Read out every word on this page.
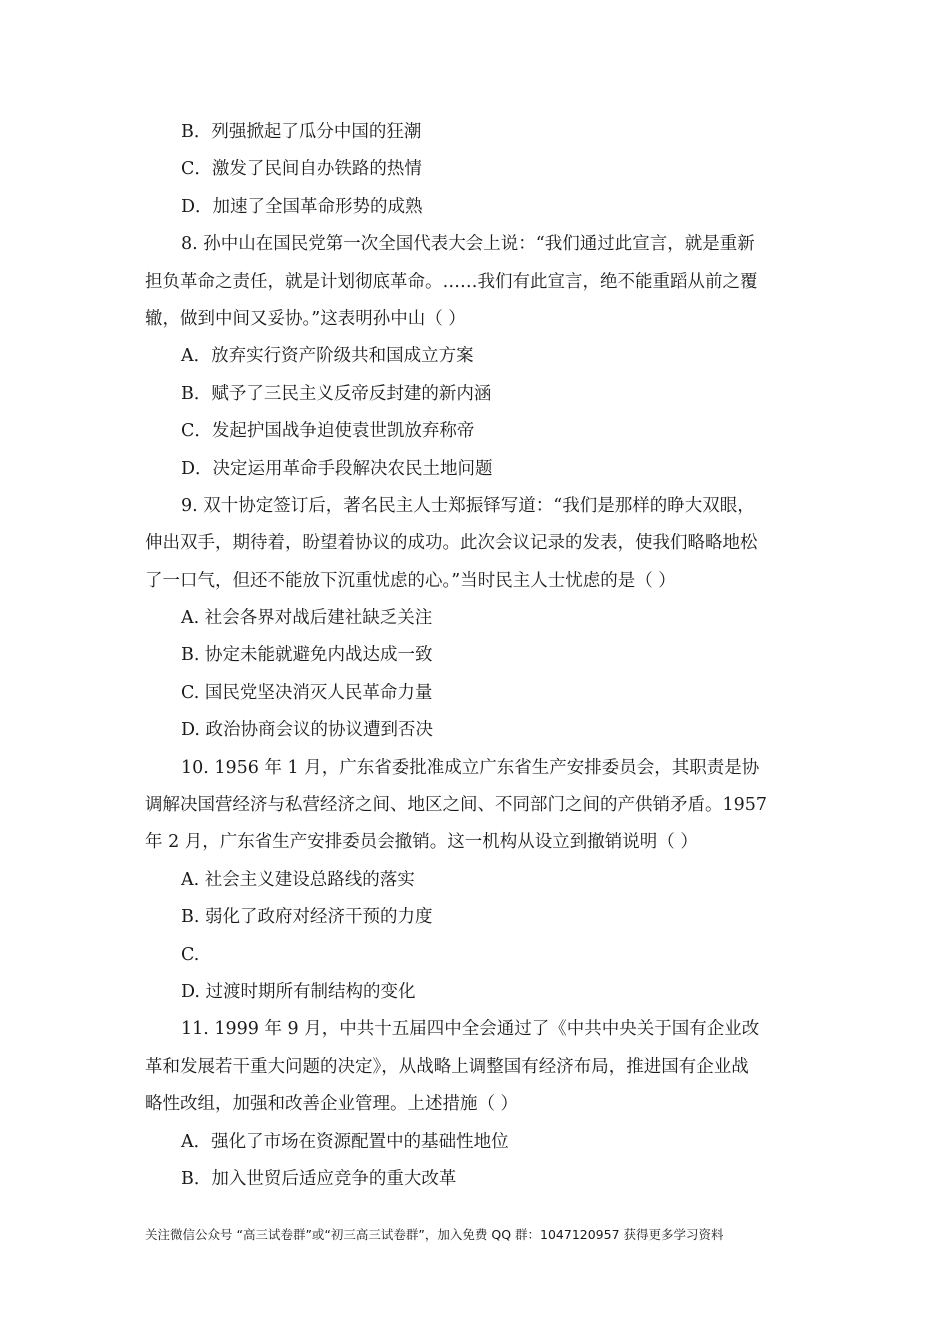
B．列强掀起了瓜分中国的狂潮
C．激发了民间自办铁路的热情
D．加速了全国革命形势的成熟
8. 孙中山在国民党第一次全国代表大会上说：“我们通过此宣言，就是重新
担负革命之责任，就是计划彻底革命。……我们有此宣言，绝不能重蹈从前之覆
辙，做到中间又妥协。”这表明孙中山（ ）
A．放弃实行资产阶级共和国成立方案
B．赋予了三民主义反帝反封建的新内涵
C．发起护国战争迫使袁世凯放弃称帝
D．决定运用革命手段解决农民土地问题
9. 双十协定签订后，著名民主人士郑振铎写道：“我们是那样的睁大双眼，
伸出双手，期待着，盼望着协议的成功。此次会议记录的发表，使我们略略地松
了一口气，但还不能放下沉重忧虑的心。”当时民主人士忧虑的是（ ）
A. 社会各界对战后建社缺乏关注
B. 协定未能就避免内战达成一致
C. 国民党坚决消灭人民革命力量
D. 政治协商会议的协议遭到否决
10. 1956 年 1 月，广东省委批准成立广东省生产安排委员会，其职责是协
调解决国营经济与私营经济之间、地区之间、不同部门之间的产供销矛盾。1957
年 2 月，广东省生产安排委员会撤销。这一机构从设立到撤销说明（ ）
A. 社会主义建设总路线的落实
B. 弱化了政府对经济干预的力度
C.
D. 过渡时期所有制结构的变化
11. 1999 年 9 月，中共十五届四中全会通过了《中共中央关于国有企业改
革和发展若干重大问题的决定》，从战略上调整国有经济布局，推进国有企业战
略性改组，加强和改善企业管理。上述措施（ ）
A．强化了市场在资源配置中的基础性地位
B．加入世贸后适应竞争的重大改革
关注微信公众号 “高三试卷群”或“初三高三试卷群”，加入免费 QQ 群：1047120957 获得更多学习资料
